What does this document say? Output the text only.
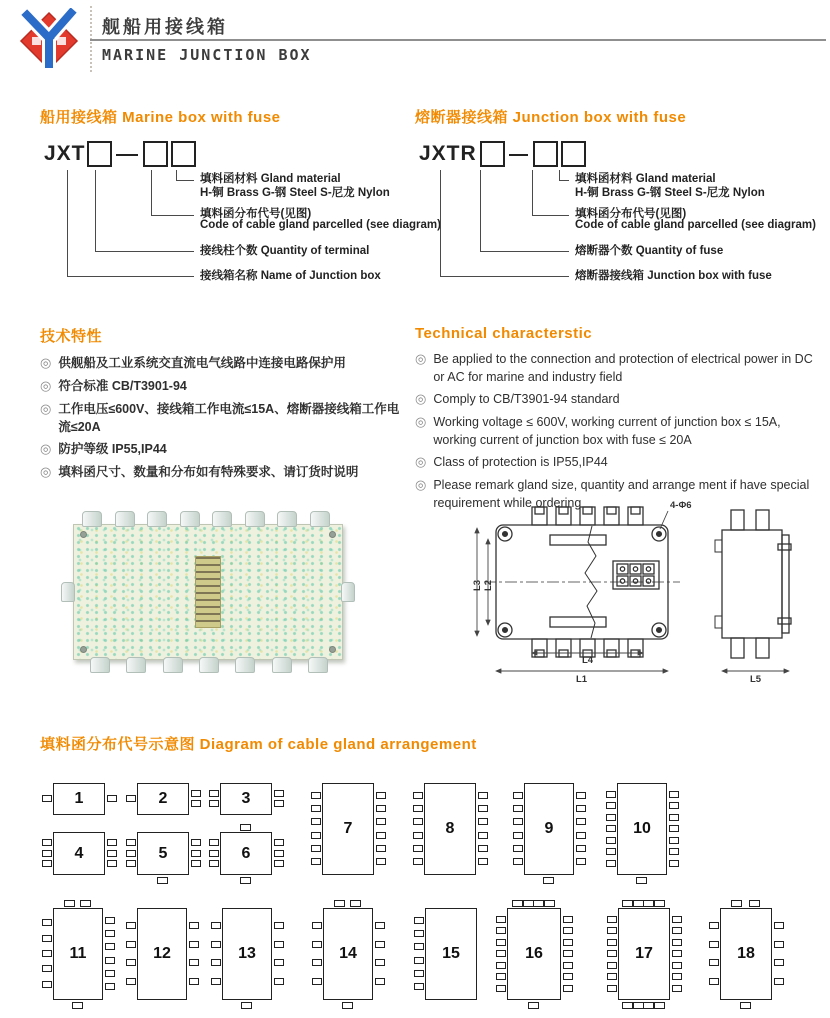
舰船用接线箱
MARINE JUNCTION BOX
船用接线箱 Marine box with fuse
JXT
填料函材料 Gland material
H-铜 Brass G-钢 Steel S-尼龙 Nylon
填料函分布代号(见图)
Code of cable gland parcelled (see diagram)
接线柱个数 Quantity of terminal
接线箱名称 Name of Junction box
熔断器接线箱 Junction box with fuse
JXTR
填料函材料 Gland material
H-铜 Brass G-钢 Steel S-尼龙 Nylon
填料函分布代号(见图)
Code of cable gland parcelled (see diagram)
熔断器个数 Quantity of fuse
熔断器接线箱 Junction box with fuse
技术特性
◎ 供舰船及工业系统交直流电气线路中连接电路保护用
◎ 符合标准 CB/T3901-94
◎ 工作电压≤600V、接线箱工作电流≤15A、熔断器接线箱工作电流≤20A
◎ 防护等级 IP55,IP44
◎ 填料函尺寸、数量和分布如有特殊要求、请订货时说明
Technical characterstic
◎ Be applied to the connection and protection of electrical power in DC or AC for marine and industry field
◎ Comply to CB/T3901-94 standard
◎ Working voltage ≤ 600V, working current of junction box ≤ 15A, working current of junction box with fuse ≤ 20A
◎ Class of protection is IP55,IP44
◎ Please remark gland size, quantity and arrange ment if have special requirement while ordering
L3 L2
L4
L1	L5
4-Φ6
填料函分布代号示意图 Diagram of cable gland arrangement
1	2	3
4	5	6
7	8	9	10
11	12	13	14	15	16	17	18
